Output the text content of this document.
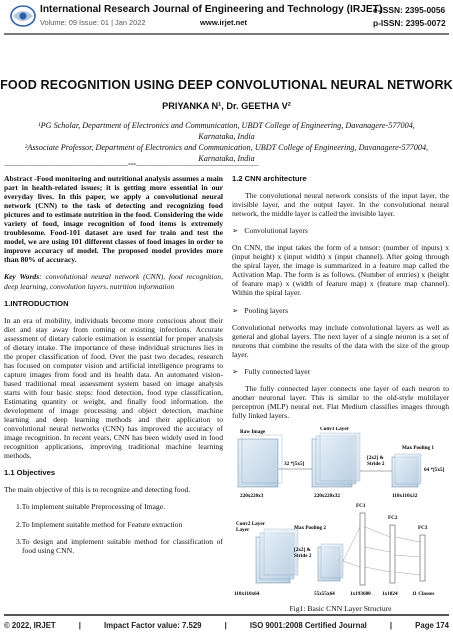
International Research Journal of Engineering and Technology (IRJET)
e-ISSN: 2395-0056
Volume: 09 Issue: 01 | Jan 2022	www.irjet.net	p-ISSN: 2395-0072
FOOD RECOGNITION USING DEEP CONVOLUTIONAL NEURAL NETWORK
PRIYANKA N¹, Dr. GEETHA V²
¹PG Scholar, Department of Electronics and Communication, UBDT College of Engineering, Davanagere-577004, Karnataka, India
²Associate Professor, Department of Electronics and Communication, UBDT College of Engineering, Davanagere-577004, Karnataka, India
-------------------------------------------------------------------------***------------------------------------------------------------------------

Abstract -Food monitoring and nutritional analysis assumes a main part in health-related issues; it is getting more essential in our everyday lives. In this paper, we apply a convolutional neural network (CNN) to the task of detecting and recognizing food pictures and to estimate nutrition in the food. Considering the wide variety of food, image recognition of food items is extremely troublesome. Food-101 dataset are used for train and test the model, we are using 101 different classes of food images in order to improve accuracy of model. The proposed model provides more than 80% of accuracy.

Key Words: convolutional neural network (CNN), food recognition, deep learning, convolution layers, nutrition information

1.INTRODUCTION

In an era of mobility, individuals become more conscious about their diet and stay away from coming or existing infections. Accurate assessment of dietary calorie estimation is essential for proper analysis of dietary intake. The importance of these individual structures lies in the proper classification of food. Over the past two decades, research has focused on computer vision and artificial intelligence programs to capture images from food and its health data. An automated vision-based traditional meal assessment system based on image analysis starts with four basic steps: food detection, food type classification, Estimating quantity or weight, and finally food information. the development of image processing and object detection, machine learning and deep learning methods and their application to convolutional neural networks (CNN) has improved the accuracy of image recognition. In recent years, CNN has been widely used in food recognition applications, improving traditional machine learning methods.

1.1 Objectives

The main objective of this is to recognize and detecting food.

1.To implement suitable Preprocessing of Image.

2.To Implement suitable method for Feature extraction

3.To design and implement suitable method for classification of food using CNN.

1.2 CNN architecture

The convolutional neural network consists of the input layer, the invisible layer, and the output layer. In the convolutional neural network, the middle layer is called the invisible layer.

➢ Convolutional layers

On CNN, the input takes the form of a tensor: (number of inputs) x (input height) x (input width) x (input channel). After going through the spiral layer, the image is summarized in a feature map called the Activation Map. The form is as follows. (Number of entries) x (height of feature map) x (width of feature map) x (feature map channel). Within the spiral layer.

➢ Pooling layers

Convolutional networks may include convolutional layers as well as general and global layers. The next layer of a single neuron is a set of neurons that combine the results of the data with the size of the group layer.

➢ Fully connected layer

The fully connected layer connects one layer of each neuron to another neuronal layer. This is similar to the old-style multilayer perceptron (MLP) neural net. Flat Medium classifies images through fully linked layers.

Raw Image
220x220x3
Conv1 Layer
32 *[5x5]
220x220x32
Max Pooling 1
[2x2] &
Stride 2
64 *[5x5]
110x110x32
Conv2 Layer
Layer
110x110x64
Max Pooling 2
[2x2] &
Stride 2
55x55x64
FC1
1x193600
FC2
1x1024
FC3
11 Classes
Fig1: Basic CNN Layer Structure
© 2022, IRJET	|	Impact Factor value: 7.529	|	ISO 9001:2008 Certified Journal	|	Page 174
